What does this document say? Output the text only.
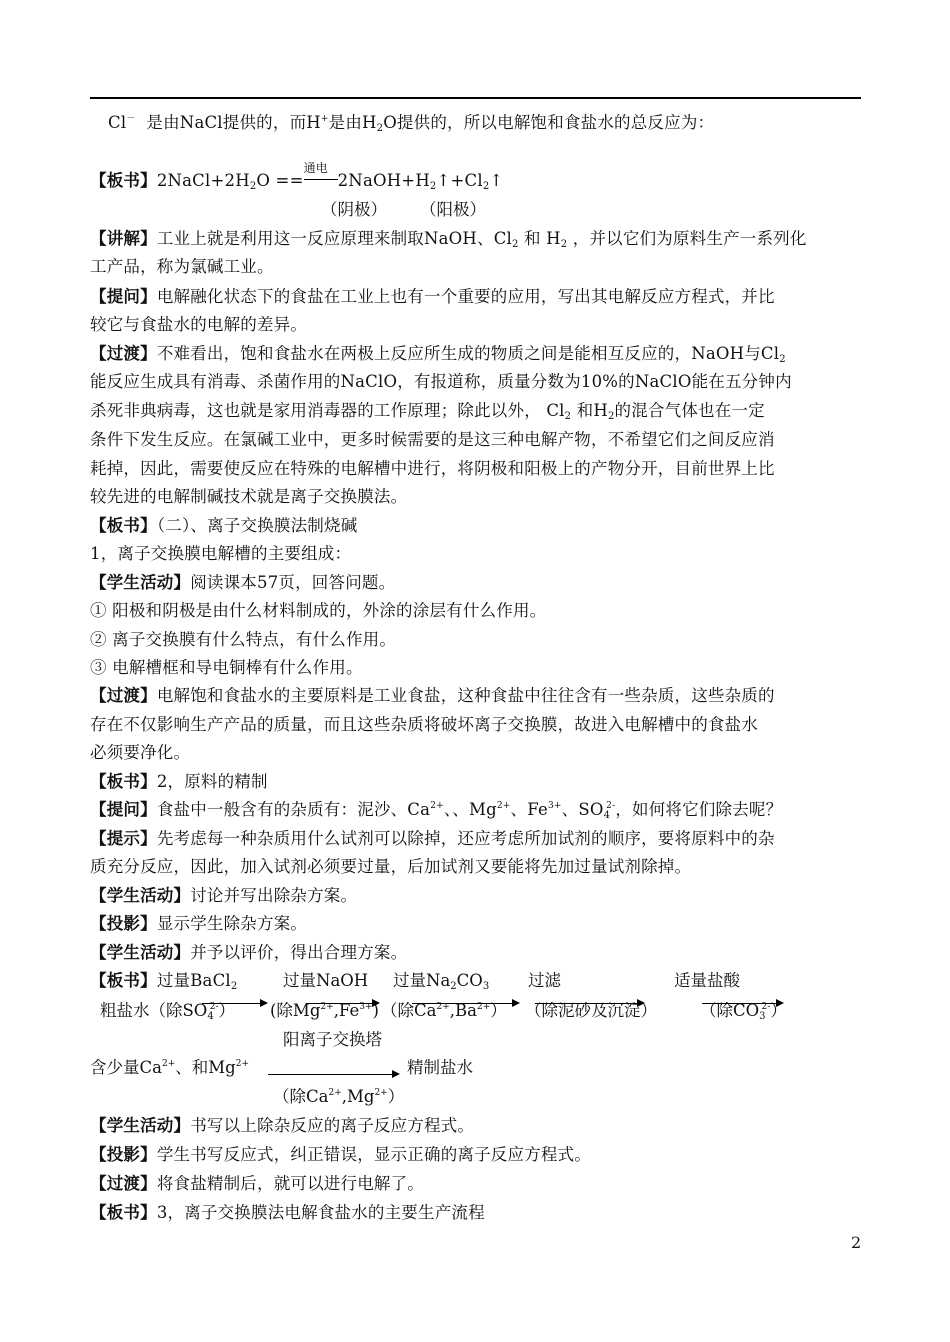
Cl－ 是由NaCl提供的，而H+是由$H_2O$提供的，所以电解饱和食盐水的总反应为：
【板书】$2NaCl+2H_2O$ ==
通电
$2NaOH+H_2↑+Cl_2↑$
（阴极） （阳极）
【讲解】工业上就是利用这一反应原理来制取NaOH、$Cl_2$ 和 $H_2$ ，并以它们为原料生产一系列化
工产品，称为氯碱工业。
【提问】电解融化状态下的食盐在工业上也有一个重要的应用，写出其电解反应方程式，并比
较它与食盐水的电解的差异。
【过渡】不难看出，饱和食盐水在两极上反应所生成的物质之间是能相互反应的，NaOH与$Cl_2$
能反应生成具有消毒、杀菌作用的NaClO，有报道称，质量分数为10%的NaClO能在五分钟内
杀死非典病毒，这也就是家用消毒器的工作原理；除此以外， $Cl_2$ 和$H_2$的混合气体也在一定
条件下发生反应。在氯碱工业中，更多时候需要的是这三种电解产物，不希望它们之间反应消
耗掉，因此，需要使反应在特殊的电解槽中进行，将阴极和阳极上的产物分开，目前世界上比
较先进的电解制碱技术就是离子交换膜法。
【板书】（二）、离子交换膜法制烧碱
1，离子交换膜电解槽的主要组成：
【学生活动】阅读课本57页，回答问题。
① 阳极和阴极是由什么材料制成的，外涂的涂层有什么作用。
② 离子交换膜有什么特点，有什么作用。
③ 电解槽框和导电铜棒有什么作用。
【过渡】电解饱和食盐水的主要原料是工业食盐，这种食盐中往往含有一些杂质，这些杂质的
存在不仅影响生产产品的质量，而且这些杂质将破坏离子交换膜，故进入电解槽中的食盐水
必须要净化。
【板书】2，原料的精制
【提问】食盐中一般含有的杂质有：泥沙、$Ca^{2+}$、、$Mg^{2+}$、$Fe^{3+}$、$SO_4^{2-}$，如何将它们除去呢？
【提示】先考虑每一种杂质用什么试剂可以除掉，还应考虑所加试剂的顺序，要将原料中的杂
质充分反应，因此，加入试剂必须要过量，后加试剂又要能将先加过量试剂除掉。
【学生活动】讨论并写出除杂方案。
【投影】显示学生除杂方案。
【学生活动】并予以评价，得出合理方案。
【板书】过量BaCl$_2$	过量NaOH 过量$Na_2CO_3$ 过滤	适量盐酸
粗盐水（除$SO_4^{2-}$） (除$Mg^{2+},Fe^{3+}$) （除$Ca^{2+},Ba^{2+}$） （除泥砂及沉淀）	（除$CO_3^{2-}$）
阳离子交换塔
含少量$Ca^{2+}$、和$Mg^{2+}$	精制盐水
（除$Ca^{2+},Mg^{2+}$）
【学生活动】书写以上除杂反应的离子反应方程式。
【投影】学生书写反应式，纠正错误，显示正确的离子反应方程式。
【过渡】将食盐精制后，就可以进行电解了。
【板书】3，离子交换膜法电解食盐水的主要生产流程
2
